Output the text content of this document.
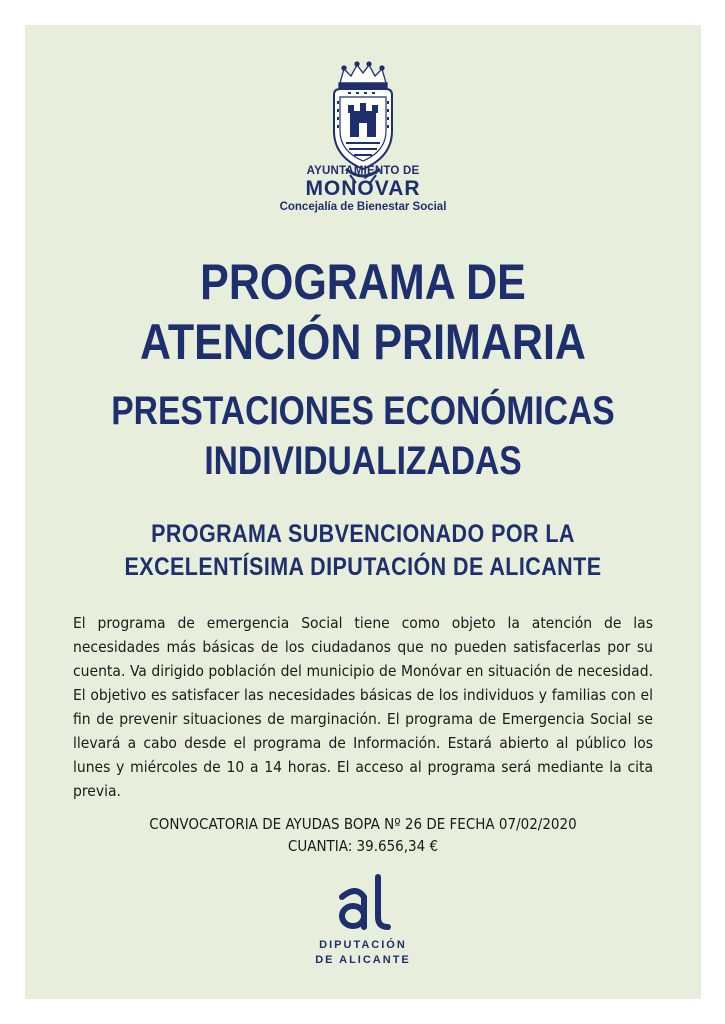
AYUNTAMIENTO DE
MONÓVAR
Concejalía de Bienestar Social
PROGRAMA DE
ATENCIÓN PRIMARIA
PRESTACIONES ECONÓMICAS
INDIVIDUALIZADAS
PROGRAMA SUBVENCIONADO POR LA
EXCELENTÍSIMA DIPUTACIÓN DE ALICANTE
El programa de emergencia Social tiene como objeto la atención de las necesidades más básicas de los ciudadanos que no pueden satisfacerlas por su cuenta. Va dirigido población del municipio de Monóvar en situación de necesidad. El objetivo es satisfacer las necesidades básicas de los individuos y familias con el fin de prevenir situaciones de marginación. El programa de Emergencia Social se llevará a cabo desde el programa de Información. Estará abierto al público los lunes y miércoles de 10 a 14 horas. El acceso al programa será mediante la cita previa.
CONVOCATORIA DE AYUDAS BOPA Nº 26 DE FECHA 07/02/2020
CUANTIA: 39.656,34 €
DIPUTACIÓN
DE ALICANTE
